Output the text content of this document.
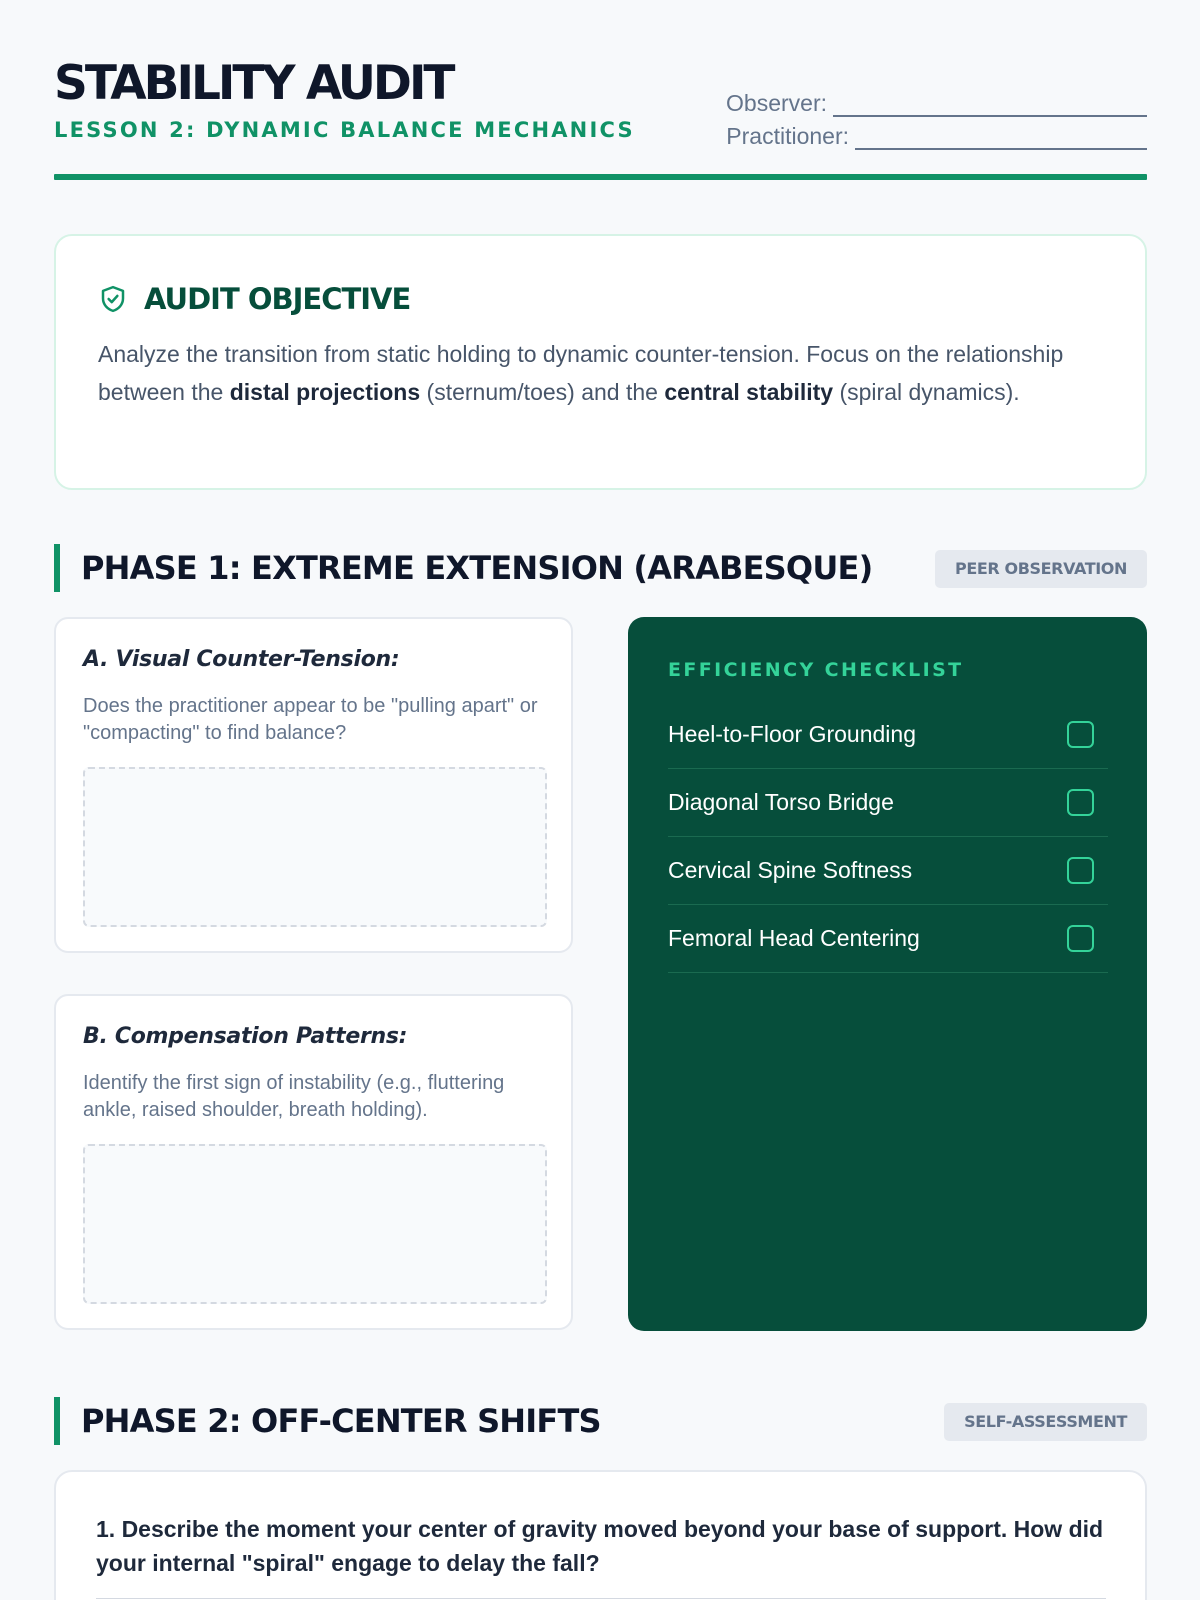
STABILITY AUDIT
LESSON 2: DYNAMIC BALANCE MECHANICS
Observer:
Practitioner:
AUDIT OBJECTIVE

Analyze the transition from static holding to dynamic counter-tension. Focus on the relationship between the distal projections (sternum/toes) and the central stability (spiral dynamics).

PHASE 1: EXTREME EXTENSION (ARABESQUE)	PEER OBSERVATION
A. Visual Counter-Tension:
Does the practitioner appear to be "pulling apart" or "compacting" to find balance?
B. Compensation Patterns:
Identify the first sign of instability (e.g., fluttering ankle, raised shoulder, breath holding).
EFFICIENCY CHECKLIST
Heel-to-Floor Grounding
Diagonal Torso Bridge
Cervical Spine Softness
Femoral Head Centering
PHASE 2: OFF-CENTER SHIFTS	SELF-ASSESSMENT
1. Describe the moment your center of gravity moved beyond your base of support. How did your internal "spiral" engage to delay the fall?
